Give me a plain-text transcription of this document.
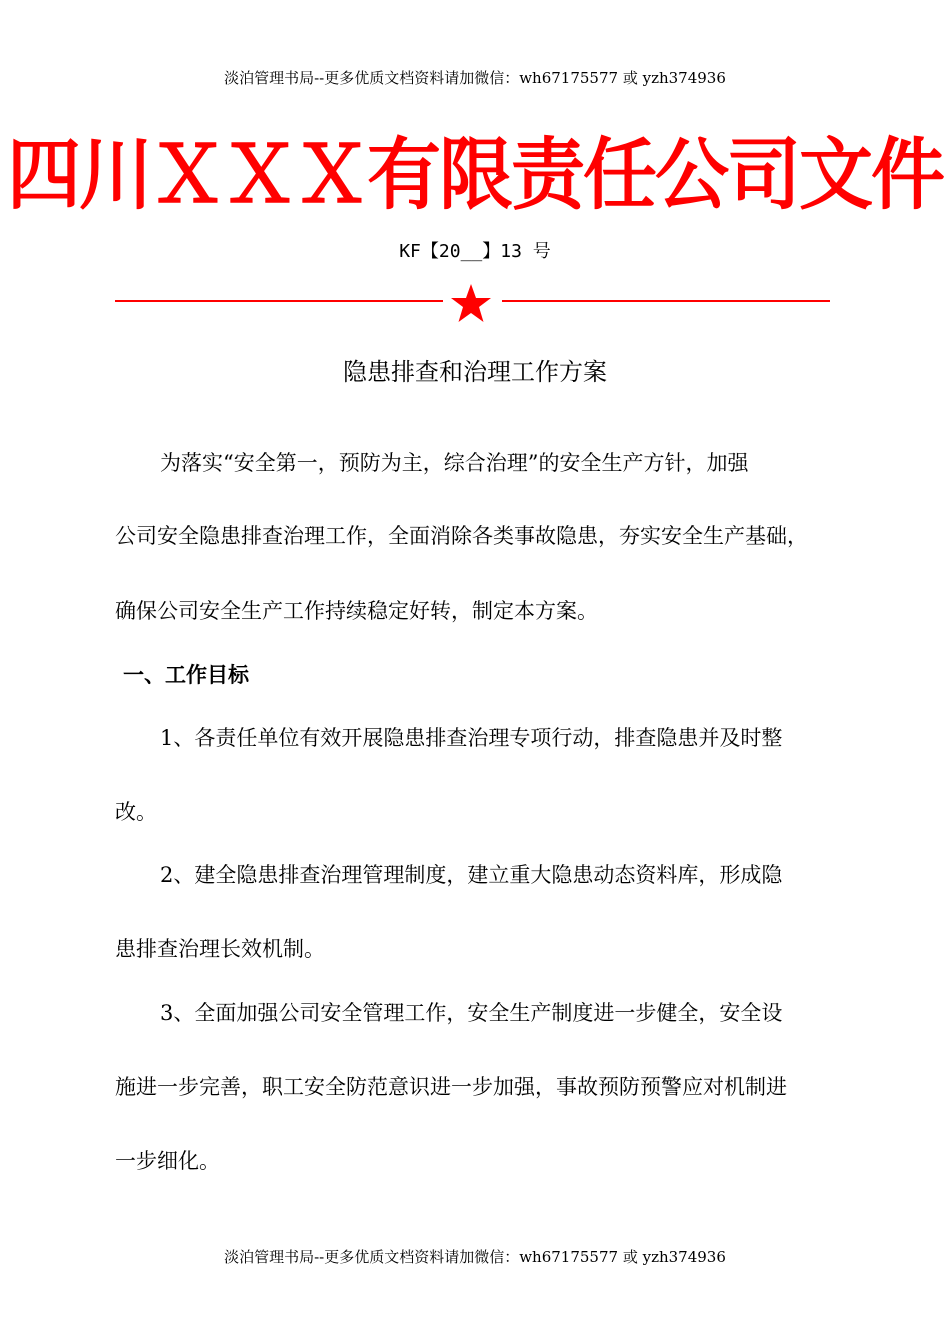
淡泊管理书局--更多优质文档资料请加微信：wh67175577 或 yzh374936
四川ＸＸＸ有限责任公司文件
KF【20__】13 号
隐患排查和治理工作方案
为落实“安全第一，预防为主，综合治理”的安全生产方针，加强
公司安全隐患排查治理工作，全面消除各类事故隐患，夯实安全生产基础，
确保公司安全生产工作持续稳定好转，制定本方案。
一、工作目标
1、各责任单位有效开展隐患排查治理专项行动，排查隐患并及时整
改。
2、建全隐患排查治理管理制度，建立重大隐患动态资料库，形成隐
患排查治理长效机制。
3、全面加强公司安全管理工作，安全生产制度进一步健全，安全设
施进一步完善，职工安全防范意识进一步加强，事故预防预警应对机制进
一步细化。
淡泊管理书局--更多优质文档资料请加微信：wh67175577 或 yzh374936
